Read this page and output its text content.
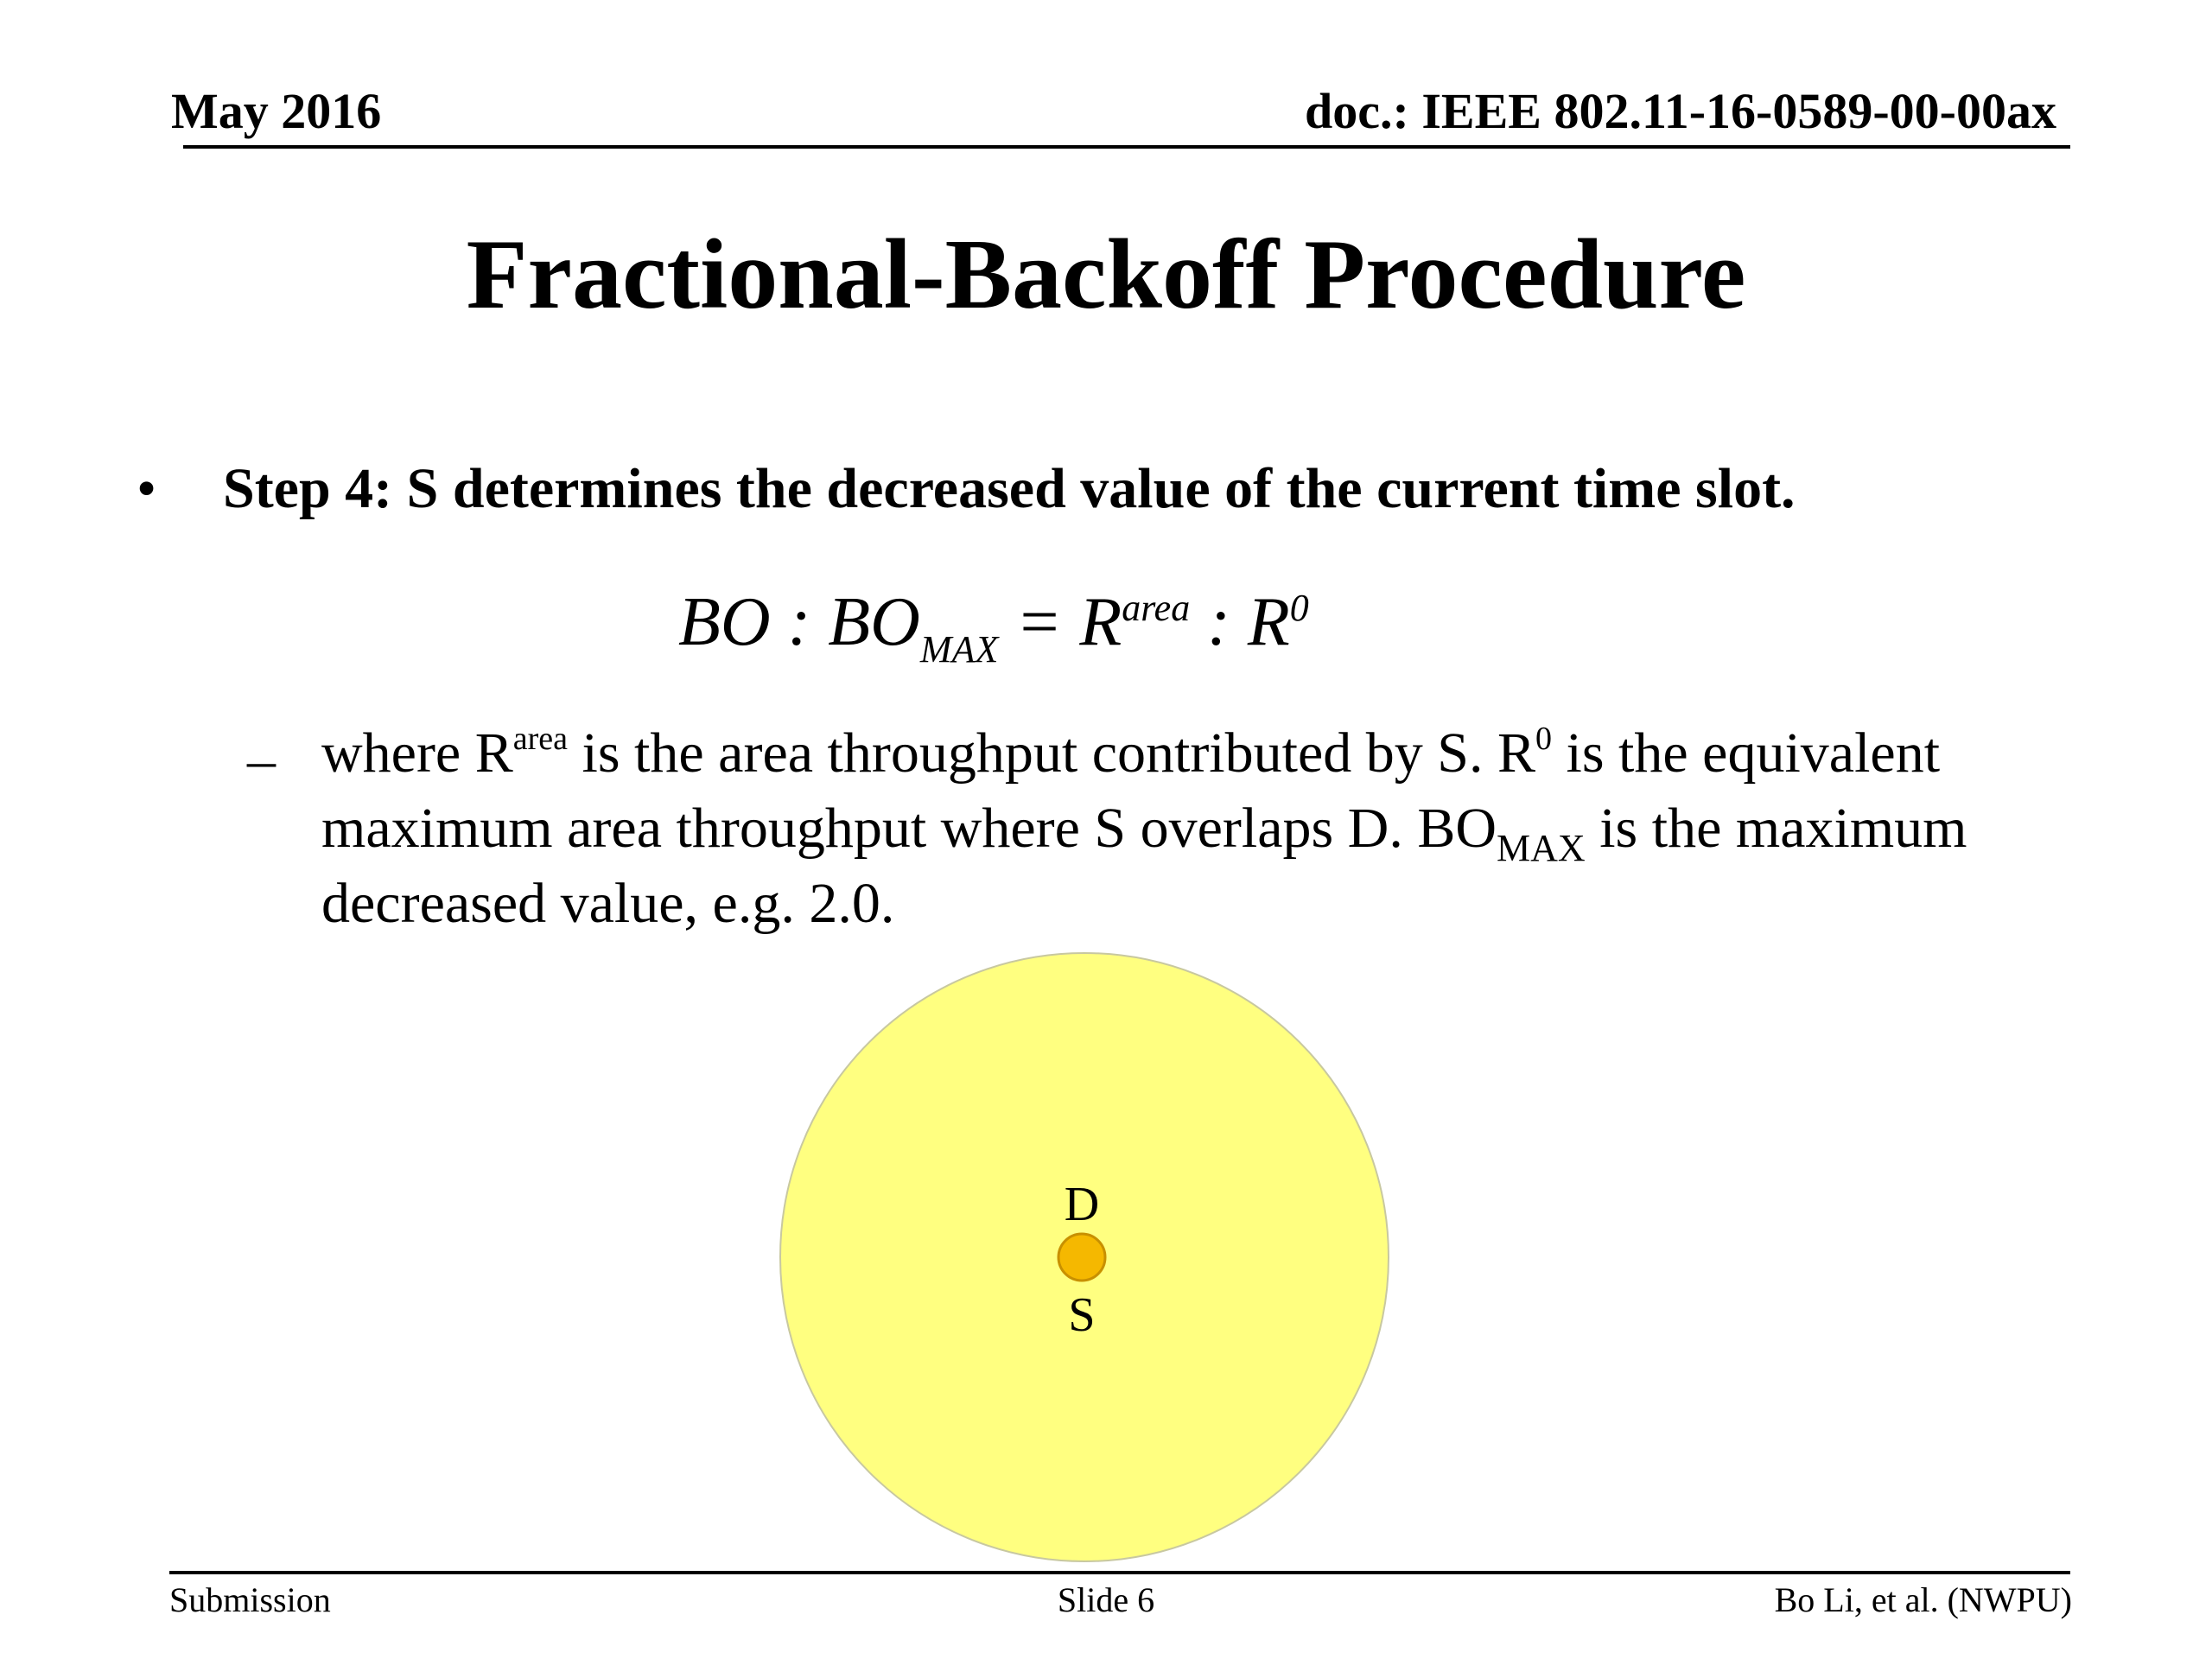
May 2016	doc.: IEEE 802.11-16-0589-00-00ax
Fractional-Backoff Procedure
• Step 4: S determines the decreased value of the current time slot.
BO : $BO_{MAX} = R^{area}$ : $R^0$
– where $R^{area}$ is the area throughput contributed by S. $R^0$ is the equivalent maximum area throughput where S overlaps D. $BO_{MAX}$ is the maximum decreased value, e.g. 2.0.
D
S
Submission	Slide 6	Bo Li, et al. (NWPU)
